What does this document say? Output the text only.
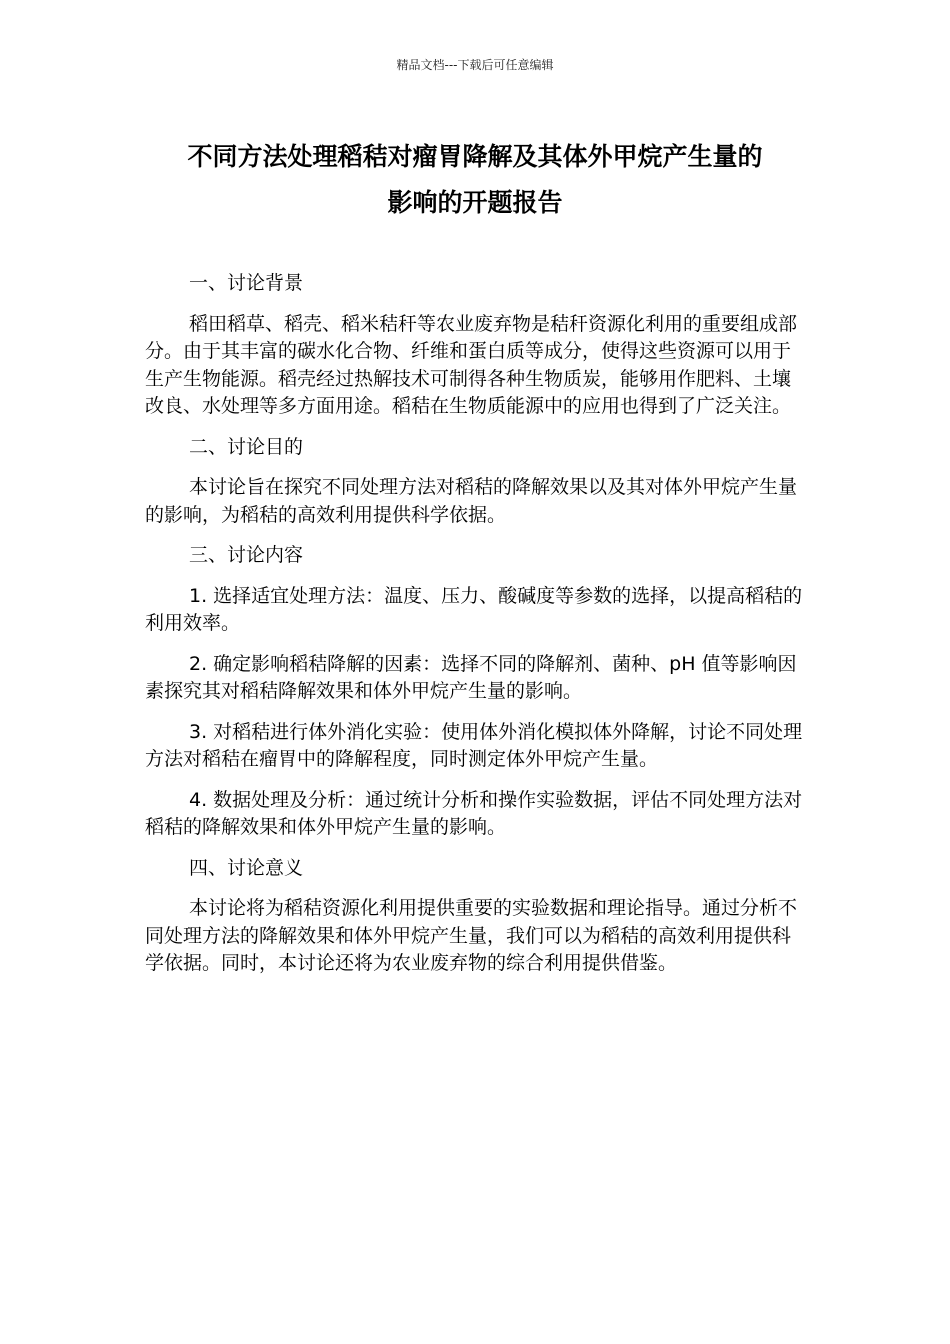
精品文档---下载后可任意编辑
不同方法处理稻秸对瘤胃降解及其体外甲烷产生量的
影响的开题报告

一、讨论背景

稻田稻草、稻壳、稻米秸秆等农业废弃物是秸秆资源化利用的重要组成部分。由于其丰富的碳水化合物、纤维和蛋白质等成分，使得这些资源可以用于生产生物能源。稻壳经过热解技术可制得各种生物质炭，能够用作肥料、土壤改良、水处理等多方面用途。稻秸在生物质能源中的应用也得到了广泛关注。

二、讨论目的

本讨论旨在探究不同处理方法对稻秸的降解效果以及其对体外甲烷产生量的影响，为稻秸的高效利用提供科学依据。

三、讨论内容

1. 选择适宜处理方法：温度、压力、酸碱度等参数的选择，以提高稻秸的利用效率。

2. 确定影响稻秸降解的因素：选择不同的降解剂、菌种、pH 值等影响因素探究其对稻秸降解效果和体外甲烷产生量的影响。

3. 对稻秸进行体外消化实验：使用体外消化模拟体外降解，讨论不同处理方法对稻秸在瘤胃中的降解程度，同时测定体外甲烷产生量。

4. 数据处理及分析：通过统计分析和操作实验数据，评估不同处理方法对稻秸的降解效果和体外甲烷产生量的影响。

四、讨论意义

本讨论将为稻秸资源化利用提供重要的实验数据和理论指导。通过分析不同处理方法的降解效果和体外甲烷产生量，我们可以为稻秸的高效利用提供科学依据。同时，本讨论还将为农业废弃物的综合利用提供借鉴。
